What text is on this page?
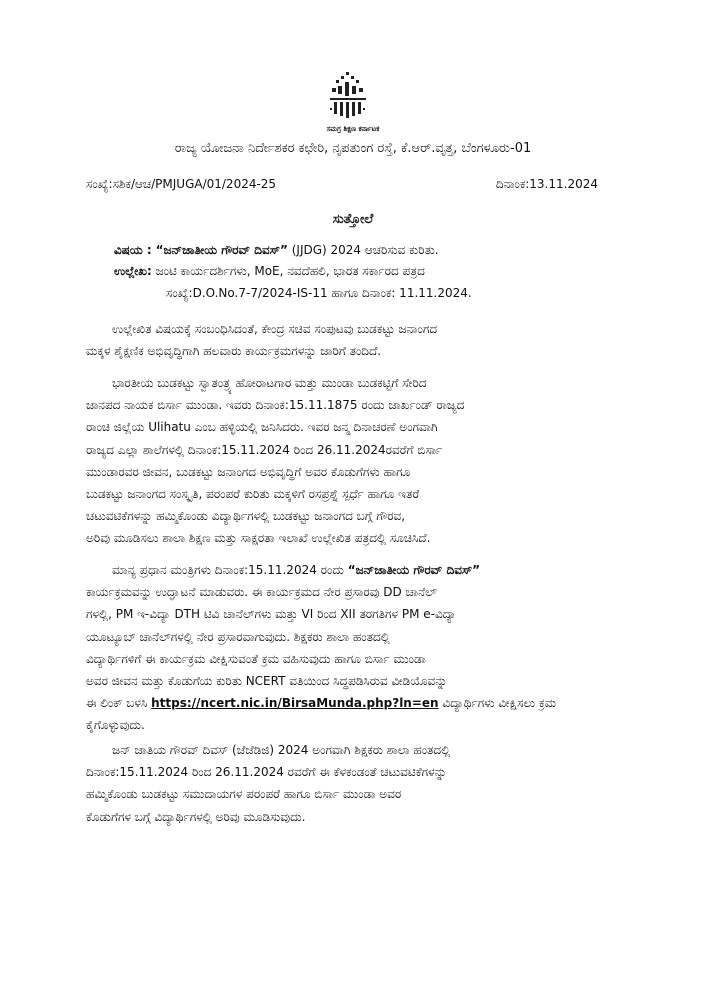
ಸಮಗ್ರ ಶಿಕ್ಷಣ ಕರ್ನಾಟಕ
ರಾಜ್ಯ ಯೋಜನಾ ನಿರ್ದೇಶಕರ ಕಛೇರಿ, ನೃಪತುಂಗ ರಸ್ತೆ, ಕೆ.ಆರ್.ವೃತ್ತ, ಬೆಂಗಳೂರು-01
ಸಂಖ್ಯೆ:ಸಶಿಕ/ಆಚ/PMJUGA/01/2024-25	ದಿನಾಂಕ:13.11.2024
ಸುತ್ತೋಲೆ
ವಿಷಯ : “ಜನ್‌ಜಾತೀಯ ಗೌರವ್ ದಿವಸ್” (JJDG) 2024 ಆಚರಿಸುವ ಕುರಿತು.
ಉಲ್ಲೇಖ: ಜಂಟಿ ಕಾರ್ಯದರ್ಶಿಗಳು, MoE, ನವದೆಹಲಿ, ಭಾರತ ಸರ್ಕಾರದ ಪತ್ರದ
ಸಂಖ್ಯೆ:D.O.No.7-7/2024-IS-11 ಹಾಗೂ ದಿನಾಂಕ: 11.11.2024.
ಉಲ್ಲೇಖಿತ ವಿಷಯಕ್ಕೆ ಸಂಬಂಧಿಸಿದಂತೆ, ಕೇಂದ್ರ ಸಚಿವ ಸಂಪುಟವು ಬುಡಕಟ್ಟು ಜನಾಂಗದ
ಮಕ್ಕಳ ಶೈಕ್ಷಣಿಕ ಅಭಿವೃದ್ಧಿಗಾಗಿ ಹಲವಾರು ಕಾರ್ಯಕ್ರಮಗಳನ್ನು ಜಾರಿಗೆ ತಂದಿದೆ.
ಭಾರತೀಯ ಬುಡಕಟ್ಟು ಸ್ವಾತಂತ್ರ್ಯ ಹೋರಾಟಗಾರ ಮತ್ತು ಮುಂಡಾ ಬುಡಕಟ್ಟಿಗೆ ಸೇರಿದ
ಜಾನಪದ ನಾಯಕ ಬಿರ್ಸಾ ಮುಂಡಾ. ಇವರು ದಿನಾಂಕ:15.11.1875 ರಂದು ಜಾರ್ಖಂಡ್ ರಾಜ್ಯದ
ರಾಂಚಿ ಜಿಲ್ಲೆಯ Ulihatu ಎಂಬ ಹಳ್ಳಿಯಲ್ಲಿ ಜನಿಸಿದರು. ಇವರ ಜನ್ಮ ದಿನಾಚರಣೆ ಅಂಗವಾಗಿ
ರಾಜ್ಯದ ಎಲ್ಲಾ ಶಾಲೆಗಳಲ್ಲಿ ದಿನಾಂಕ:15.11.2024 ರಿಂದ 26.11.2024ರವರೆಗೆ ಬಿರ್ಸಾ
ಮುಂಡಾರವರ ಜೀವನ, ಬುಡಕಟ್ಟು ಜನಾಂಗದ ಅಭಿವೃದ್ಧಿಗೆ ಅವರ ಕೊಡುಗೆಗಳು ಹಾಗೂ
ಬುಡಕಟ್ಟು ಜನಾಂಗದ ಸಂಸ್ಕೃತಿ, ಪರಂಪರೆ ಕುರಿತು ಮಕ್ಕಳಿಗೆ ರಸಪ್ರಶ್ನೆ ಸ್ಪರ್ಧೆ ಹಾಗೂ ಇತರೆ
ಚಟುವಟಿಕೆಗಳನ್ನು ಹಮ್ಮಿಕೊಂಡು ವಿದ್ಯಾರ್ಥಿಗಳಲ್ಲಿ ಬುಡಕಟ್ಟು ಜನಾಂಗದ ಬಗ್ಗೆ ಗೌರವ,
ಅರಿವು ಮೂಡಿಸಲು ಶಾಲಾ ಶಿಕ್ಷಣ ಮತ್ತು ಸಾಕ್ಷರತಾ ಇಲಾಖೆ ಉಲ್ಲೇಖಿತ ಪತ್ರದಲ್ಲಿ ಸೂಚಿಸಿದೆ.
ಮಾನ್ಯ ಪ್ರಧಾನ ಮಂತ್ರಿಗಳು ದಿನಾಂಕ:15.11.2024 ರಂದು “ಜನ್‌ಜಾತೀಯ ಗೌರವ್ ದಿವಸ್”
ಕಾರ್ಯಕ್ರಮವನ್ನು ಉದ್ಘಾಟನೆ ಮಾಡುವರು. ಈ ಕಾರ್ಯಕ್ರಮದ ನೇರ ಪ್ರಸಾರವು DD ಚಾನೆಲ್
ಗಳಲ್ಲಿ, PM ಇ-ವಿದ್ಯಾ DTH ಟಿವಿ ಚಾನೆಲ್‌ಗಳು ಮತ್ತು VI ರಿಂದ XII ತರಗತಿಗಳ PM e-ವಿದ್ಯಾ
ಯೂಟ್ಯೂಬ್ ಚಾನೆಲ್‌ಗಳಲ್ಲಿ ನೇರ ಪ್ರಸಾರವಾಗುವುದು. ಶಿಕ್ಷಕರು ಶಾಲಾ ಹಂತದಲ್ಲಿ
ವಿದ್ಯಾರ್ಥಿಗಳಿಗೆ ಈ ಕಾರ್ಯಕ್ರಮ ವೀಕ್ಷಿಸುವಂತೆ ಕ್ರಮ ವಹಿಸುವುದು ಹಾಗೂ ಬಿರ್ಸಾ ಮುಂಡಾ
ಅವರ ಜೀವನ ಮತ್ತು ಕೊಡುಗೆಯ ಕುರಿತು NCERT ವತಿಯಿಂದ ಸಿದ್ಧಪಡಿಸಿರುವ ವೀಡಿಯೊವನ್ನು
ಈ ಲಿಂಕ್ ಬಳಸಿ https://ncert.nic.in/BirsaMunda.php?ln=en ವಿದ್ಯಾರ್ಥಿಗಳು ವೀಕ್ಷಿಸಲು ಕ್ರಮ
ಕೈಗೊಳ್ಳುವುದು.
ಜನ್ ಜಾತಿಯ ಗೌರವ್ ದಿವಸ್ (ಜೆಜೆಡಿಜಿ) 2024 ಅಂಗವಾಗಿ ಶಿಕ್ಷಕರು ಶಾಲಾ ಹಂತದಲ್ಲಿ
ದಿನಾಂಕ:15.11.2024 ರಿಂದ 26.11.2024 ರವರೆಗೆ ಈ ಕೆಳಕಂಡಂತೆ ಚಟುವಟಿಕೆಗಳನ್ನು
ಹಮ್ಮಿಕೊಂಡು ಬುಡಕಟ್ಟು ಸಮುದಾಯಗಳ ಪರಂಪರೆ ಹಾಗೂ ಬಿರ್ಸಾ ಮುಂಡಾ ಅವರ
ಕೊಡುಗೆಗಳ ಬಗ್ಗೆ ವಿದ್ಯಾರ್ಥಿಗಳಲ್ಲಿ ಅರಿವು ಮೂಡಿಸುವುದು.
